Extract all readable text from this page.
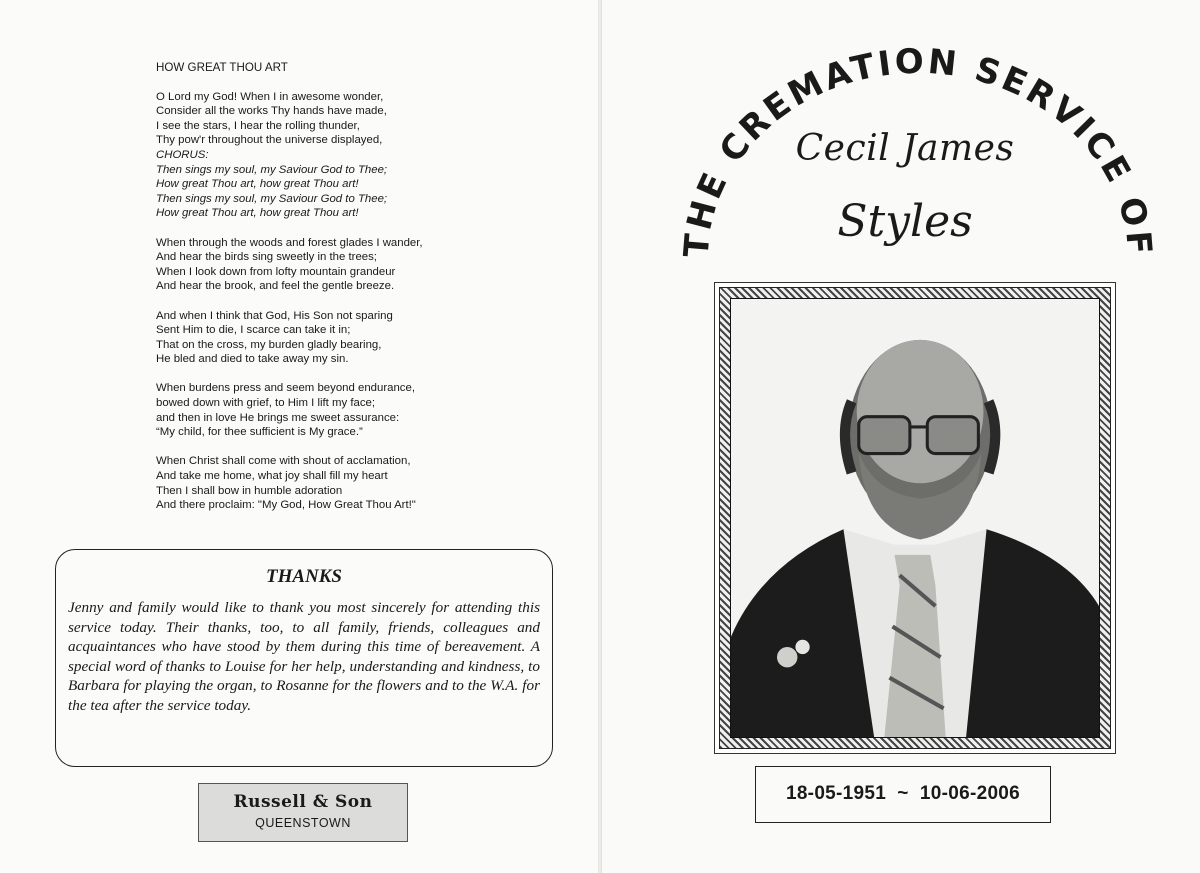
HOW GREAT THOU ART
O Lord my God! When I in awesome wonder,
Consider all the works Thy hands have made,
I see the stars, I hear the rolling thunder,
Thy pow'r throughout the universe displayed,
CHORUS:
Then sings my soul, my Saviour God to Thee;
How great Thou art, how great Thou art!
Then sings my soul, my Saviour God to Thee;
How great Thou art, how great Thou art!
When through the woods and forest glades I wander,
And hear the birds sing sweetly in the trees;
When I look down from lofty mountain grandeur
And hear the brook, and feel the gentle breeze.
And when I think that God, His Son not sparing
Sent Him to die, I scarce can take it in;
That on the cross, my burden gladly bearing,
He bled and died to take away my sin.
When burdens press and seem beyond endurance,
bowed down with grief, to Him I lift my face;
and then in love He brings me sweet assurance:
“My child, for thee sufficient is My grace.”
When Christ shall come with shout of acclamation,
And take me home, what joy shall fill my heart
Then I shall bow in humble adoration
And there proclaim: "My God, How Great Thou Art!"
THANKS

Jenny and family would like to thank you most sincerely for attending this service today. Their thanks, too, to all family, friends, colleagues and acquaintances who have stood by them during this time of bereavement. A special word of thanks to Louise for her help, understanding and kindness, to Barbara for playing the organ, to Rosanne for the flowers and to the W.A. for the tea after the service today.

Russell & Son
QUEENSTOWN
THE CREMATION SERVICE OF
Cecil James
Styles
18-05-1951  ~  10-06-2006
